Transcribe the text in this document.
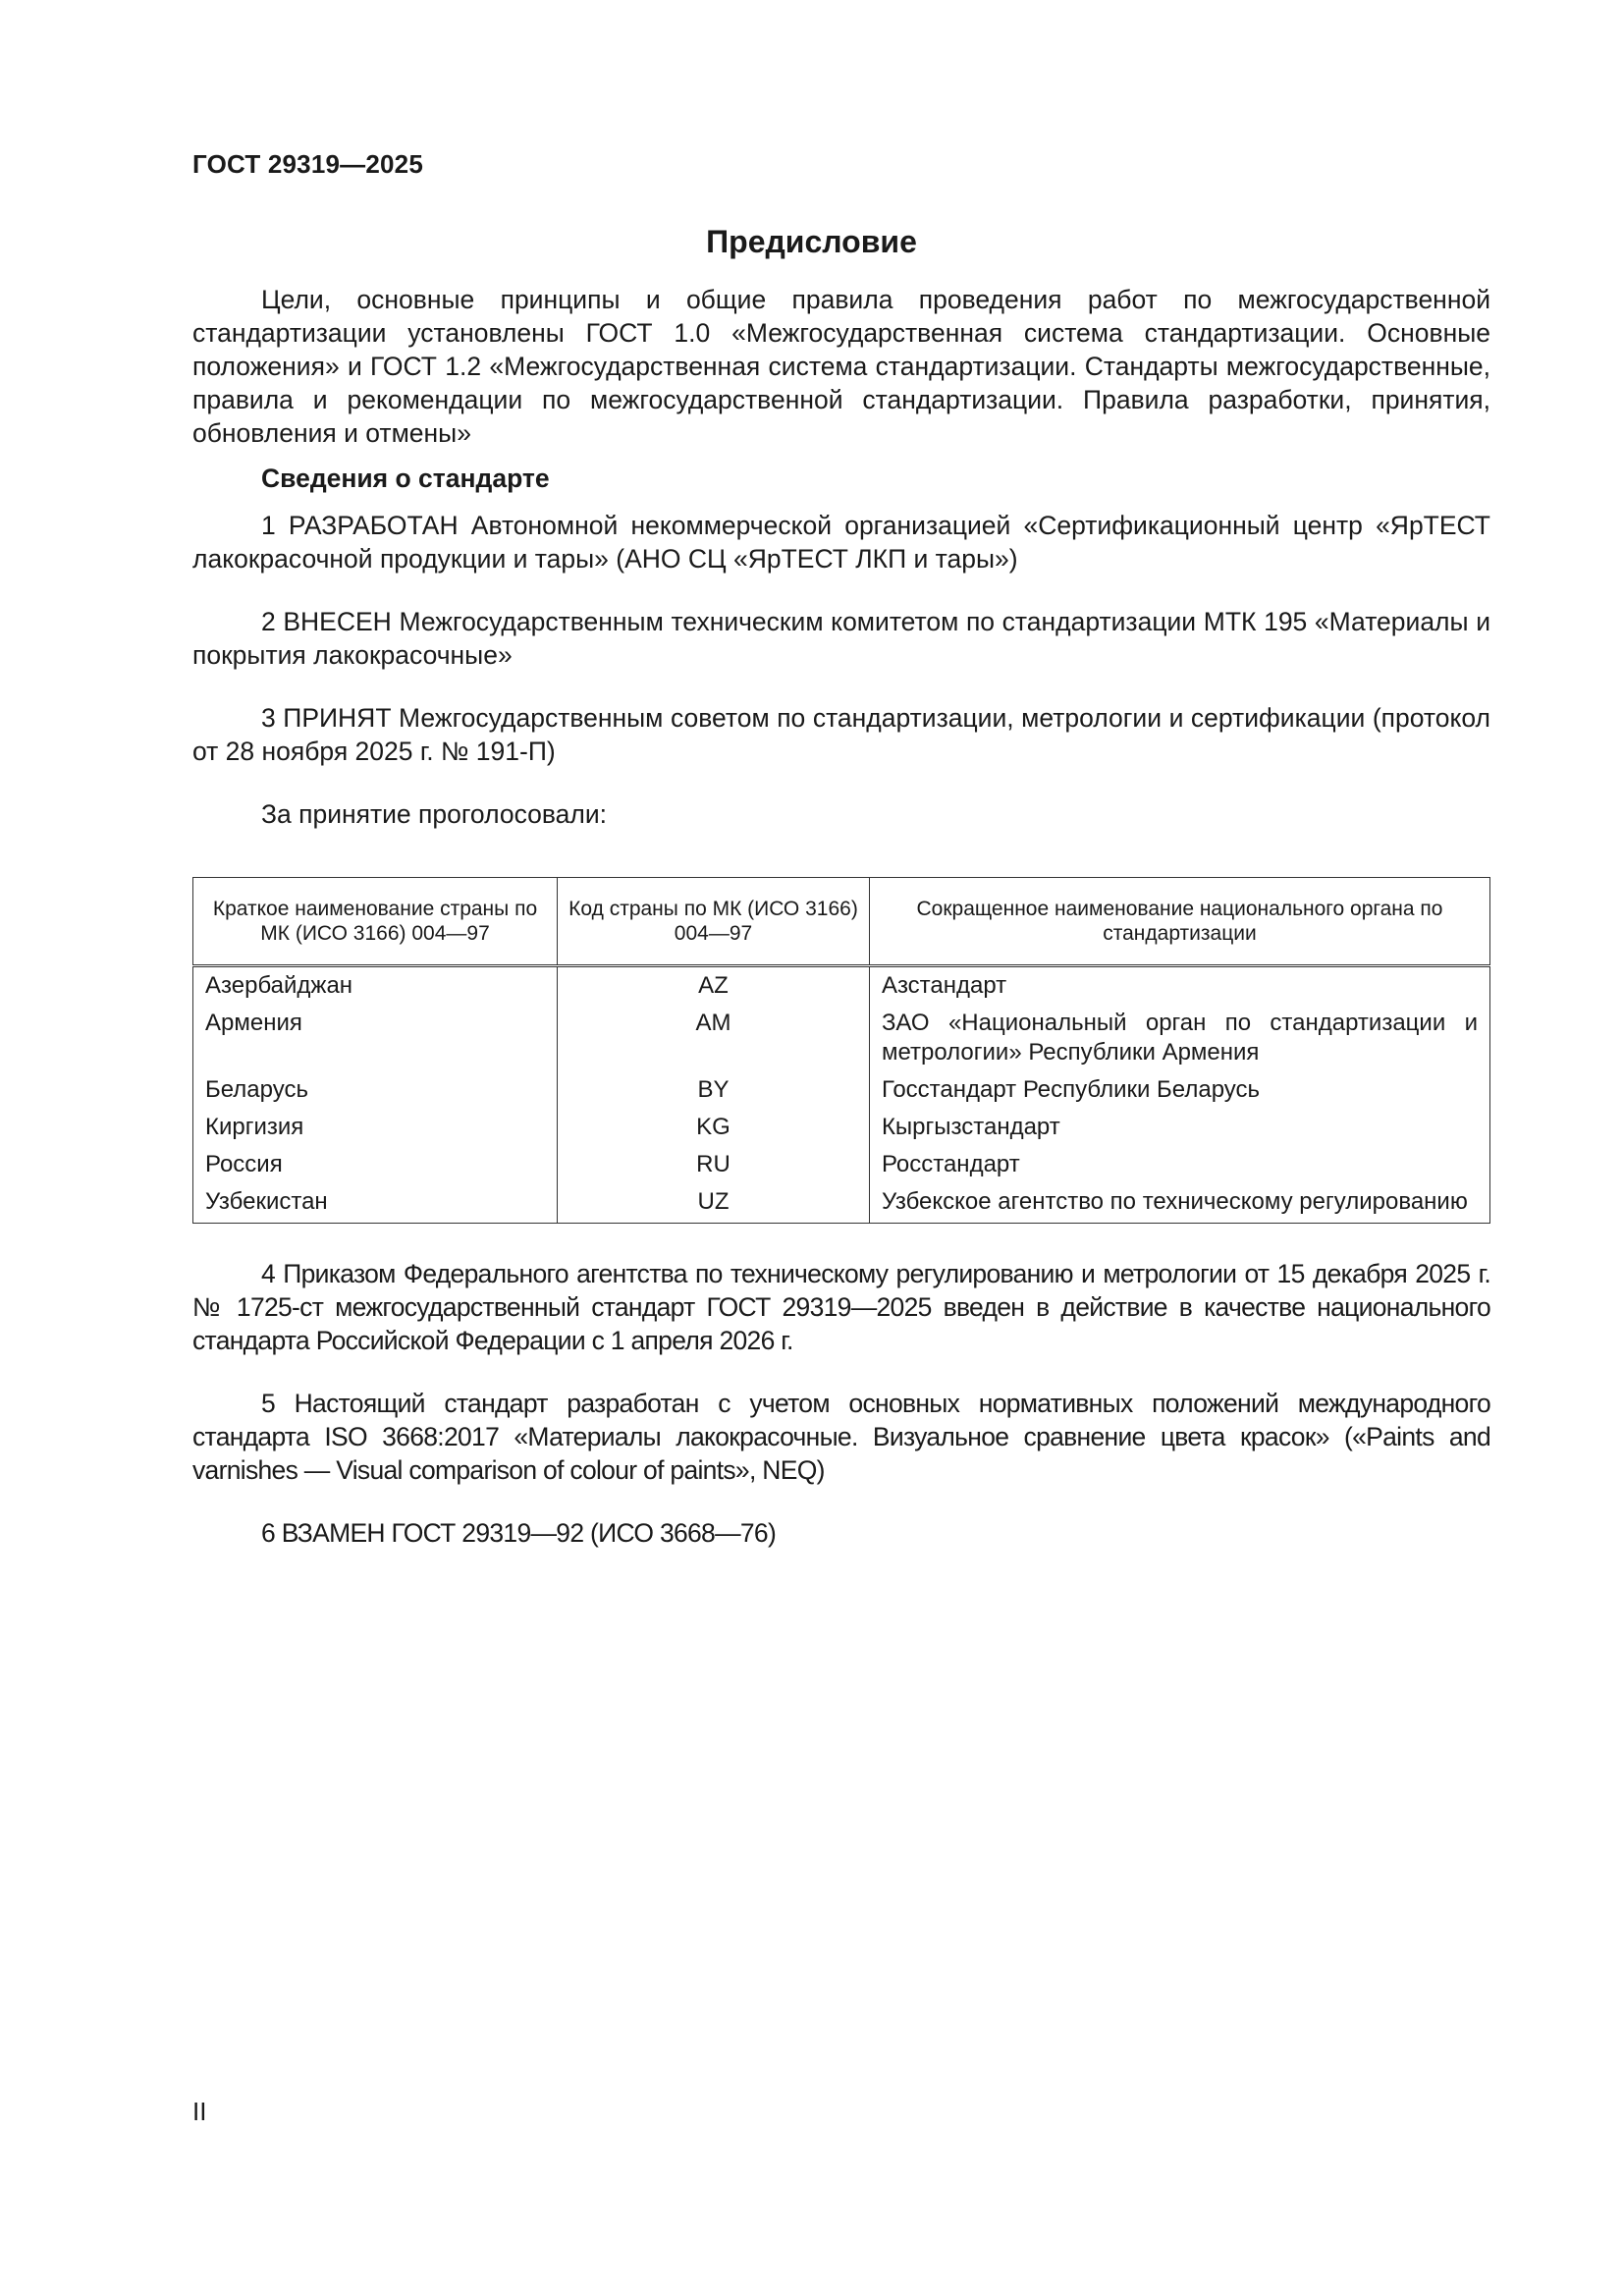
ГОСТ 29319—2025
Предисловие

Цели, основные принципы и общие правила проведения работ по межгосударственной стандартизации установлены ГОСТ 1.0 «Межгосударственная система стандартизации. Основные положения» и ГОСТ 1.2 «Межгосударственная система стандартизации. Стандарты межгосударственные, правила и рекомендации по межгосударственной стандартизации. Правила разработки, принятия, обновления и отмены»

Сведения о стандарте

1 РАЗРАБОТАН Автономной некоммерческой организацией «Сертификационный центр «ЯрТЕСТ лакокрасочной продукции и тары» (АНО СЦ «ЯрТЕСТ ЛКП и тары»)

2 ВНЕСЕН Межгосударственным техническим комитетом по стандартизации МТК 195 «Материалы и покрытия лакокрасочные»

3 ПРИНЯТ Межгосударственным советом по стандартизации, метрологии и сертификации (протокол от 28 ноября 2025 г. № 191-П)

За принятие проголосовали:

Краткое наименование страны по МК (ИСО 3166) 004—97	Код страны по МК (ИСО 3166) 004—97	Сокращенное наименование национального органа по стандартизации
Азербайджан	AZ	Азстандарт
Армения	AM	ЗАО «Национальный орган по стандартизации и метрологии» Республики Армения
Беларусь	BY	Госстандарт Республики Беларусь
Киргизия	KG	Кыргызстандарт
Россия	RU	Росстандарт
Узбекистан	UZ	Узбекское агентство по техническому регулированию

4 Приказом Федерального агентства по техническому регулированию и метрологии от 15 декабря 2025 г. № 1725-ст межгосударственный стандарт ГОСТ 29319—2025 введен в действие в качестве национального стандарта Российской Федерации с 1 апреля 2026 г.

5 Настоящий стандарт разработан с учетом основных нормативных положений международного стандарта ISO 3668:2017 «Материалы лакокрасочные. Визуальное сравнение цвета красок» («Paints and varnishes — Visual comparison of colour of paints», NEQ)

6 ВЗАМЕН ГОСТ 29319—92 (ИСО 3668—76)

II
